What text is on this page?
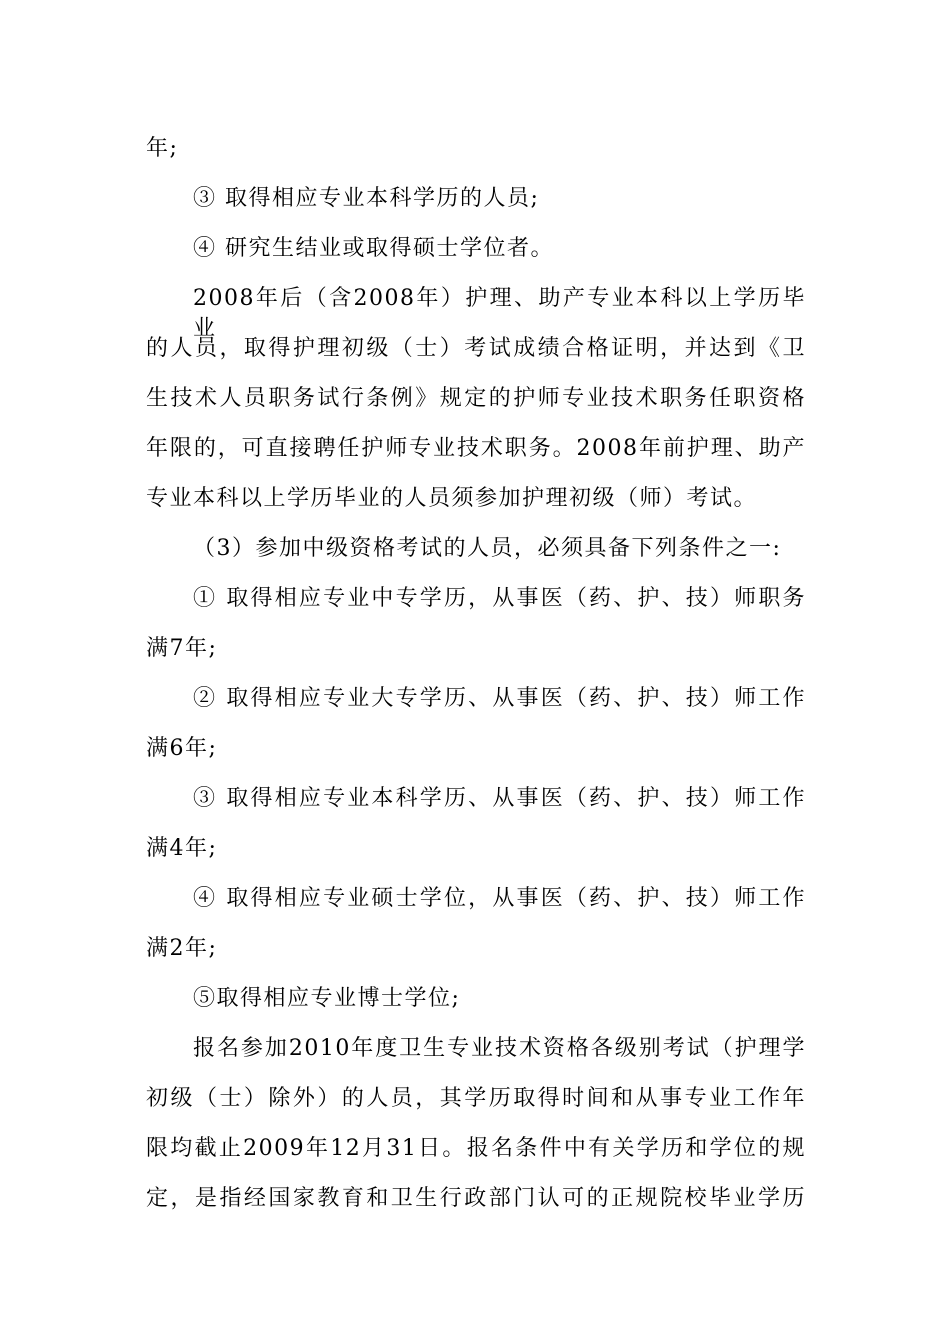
年;

③ 取得相应专业本科学历的人员;

④ 研究生结业或取得硕士学位者。

2008年后（含2008年）护理、助产专业本科以上学历毕业

的人员，取得护理初级（士）考试成绩合格证明，并达到《卫

生技术人员职务试行条例》规定的护师专业技术职务任职资格

年限的，可直接聘任护师专业技术职务。2008年前护理、助产

专业本科以上学历毕业的人员须参加护理初级（师）考试。

（3）参加中级资格考试的人员，必须具备下列条件之一:

① 取得相应专业中专学历，从事医（药、护、技）师职务

满7年;

② 取得相应专业大专学历、从事医（药、护、技）师工作

满6年;

③ 取得相应专业本科学历、从事医（药、护、技）师工作

满4年;

④ 取得相应专业硕士学位，从事医（药、护、技）师工作

满2年;

⑤取得相应专业博士学位;

报名参加2010年度卫生专业技术资格各级别考试（护理学

初级（士）除外）的人员，其学历取得时间和从事专业工作年

限均截止2009年12月31日。报名条件中有关学历和学位的规

定，是指经国家教育和卫生行政部门认可的正规院校毕业学历
